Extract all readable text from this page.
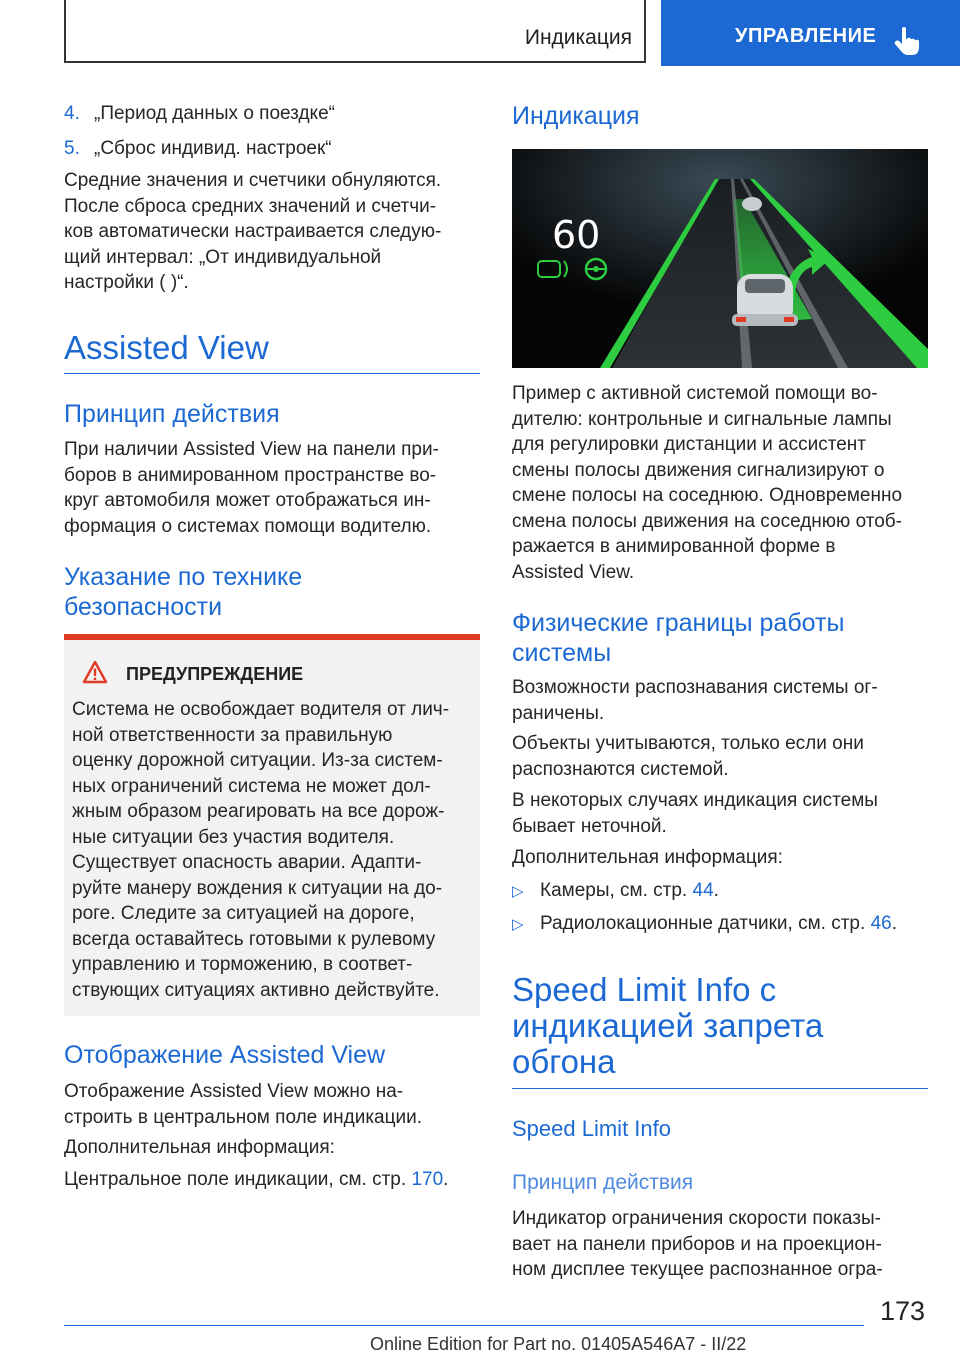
Индикация	УПРАВЛЕНИЕ
4. „Период данных о поездке“
5. „Сброс индивид. настроек“
Средние значения и счетчики обнуляются.
После сброса средних значений и счетчи-
ков автоматически настраивается следую-
щий интервал: „От индивидуальной
настройки ( )“.
Assisted View
Принцип действия
При наличии Assisted View на панели при-
боров в анимированном пространстве во-
круг автомобиля может отображаться ин-
формация о системах помощи водителю.
Указание по технике
безопасности
ПРЕДУПРЕЖДЕНИЕ
Система не освобождает водителя от лич-
ной ответственности за правильную
оценку дорожной ситуации. Из-за систем-
ных ограничений система не может дол-
жным образом реагировать на все дорож-
ные ситуации без участия водителя.
Существует опасность аварии. Адапти-
руйте манеру вождения к ситуации на до-
роге. Следите за ситуацией на дороге,
всегда оставайтесь готовыми к рулевому
управлению и торможению, в соответ-
ствующих ситуациях активно действуйте.
Отображение Assisted View
Отображение Assisted View можно на-
строить в центральном поле индикации.
Дополнительная информация:
Центральное поле индикации, см. стр. 170.
Индикация
60
Пример с активной системой помощи во-
дителю: контрольные и сигнальные лампы
для регулировки дистанции и ассистент
смены полосы движения сигнализируют о
смене полосы на соседнюю. Одновременно
смена полосы движения на соседнюю отоб-
ражается в анимированной форме в
Assisted View.
Физические границы работы
системы
Возможности распознавания системы ог-
раничены.
Объекты учитываются, только если они
распознаются системой.
В некоторых случаях индикация системы
бывает неточной.
Дополнительная информация:
▷ Камеры, см. стр. 44.
▷ Радиолокационные датчики, см. стр. 46.
Speed Limit Info с
индикацией запрета
обгона
Speed Limit Info
Принцип действия
Индикатор ограничения скорости показы-
вает на панели приборов и на проекцион-
ном дисплее текущее распознанное огра-
173
Online Edition for Part no. 01405A546A7 - II/22
